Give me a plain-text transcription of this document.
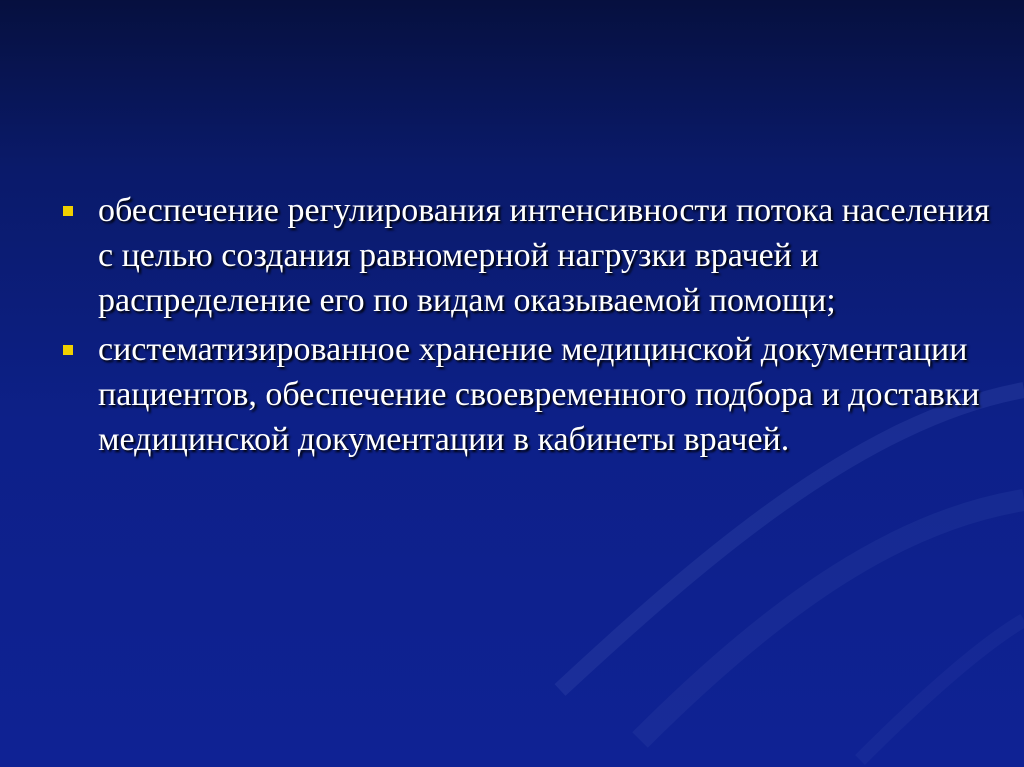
обеспечение регулирования интенсивности потока населения с целью создания равномерной нагрузки врачей и распределение его по видам оказываемой помощи;
систематизированное хранение медицинской документации пациентов, обеспечение своевременного подбора и доставки медицинской документации в кабинеты врачей.
